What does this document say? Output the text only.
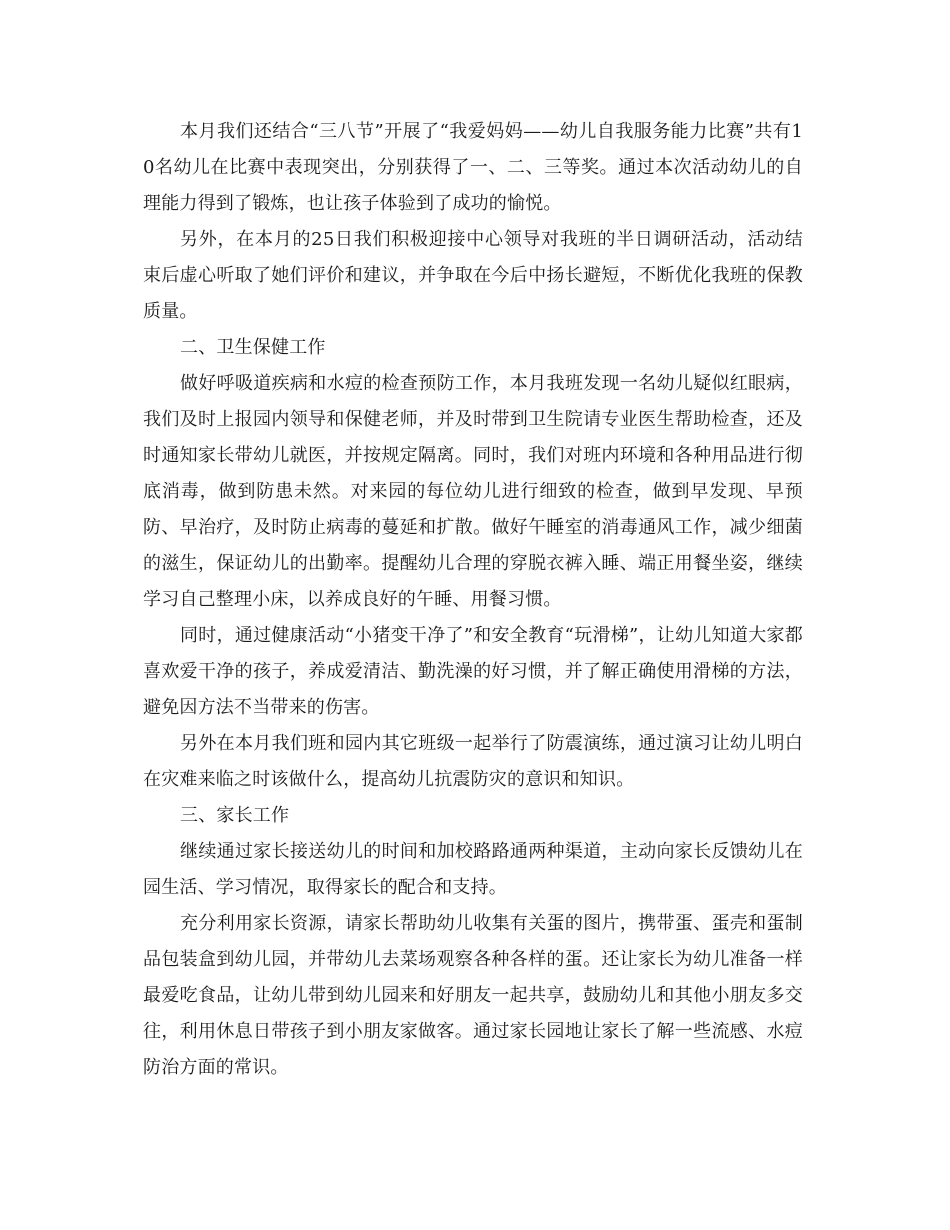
本月我们还结合“三八节”开展了“我爱妈妈——幼儿自我服务能力比赛”共有10名幼儿在比赛中表现突出，分别获得了一、二、三等奖。通过本次活动幼儿的自理能力得到了锻炼，也让孩子体验到了成功的愉悦。

另外，在本月的25日我们积极迎接中心领导对我班的半日调研活动，活动结束后虚心听取了她们评价和建议，并争取在今后中扬长避短，不断优化我班的保教质量。

二、卫生保健工作

做好呼吸道疾病和水痘的检查预防工作，本月我班发现一名幼儿疑似红眼病，我们及时上报园内领导和保健老师，并及时带到卫生院请专业医生帮助检查，还及时通知家长带幼儿就医，并按规定隔离。同时，我们对班内环境和各种用品进行彻底消毒，做到防患未然。对来园的每位幼儿进行细致的检查，做到早发现、早预防、早治疗，及时防止病毒的蔓延和扩散。做好午睡室的消毒通风工作，减少细菌的滋生，保证幼儿的出勤率。提醒幼儿合理的穿脱衣裤入睡、端正用餐坐姿，继续学习自己整理小床，以养成良好的午睡、用餐习惯。

同时，通过健康活动“小猪变干净了”和安全教育“玩滑梯”，让幼儿知道大家都喜欢爱干净的孩子，养成爱清洁、勤洗澡的好习惯，并了解正确使用滑梯的方法，避免因方法不当带来的伤害。

另外在本月我们班和园内其它班级一起举行了防震演练，通过演习让幼儿明白在灾难来临之时该做什么，提高幼儿抗震防灾的意识和知识。

三、家长工作

继续通过家长接送幼儿的时间和加校路路通两种渠道，主动向家长反馈幼儿在园生活、学习情况，取得家长的配合和支持。

充分利用家长资源，请家长帮助幼儿收集有关蛋的图片，携带蛋、蛋壳和蛋制品包装盒到幼儿园，并带幼儿去菜场观察各种各样的蛋。还让家长为幼儿准备一样最爱吃食品，让幼儿带到幼儿园来和好朋友一起共享，鼓励幼儿和其他小朋友多交往，利用休息日带孩子到小朋友家做客。通过家长园地让家长了解一些流感、水痘防治方面的常识。
